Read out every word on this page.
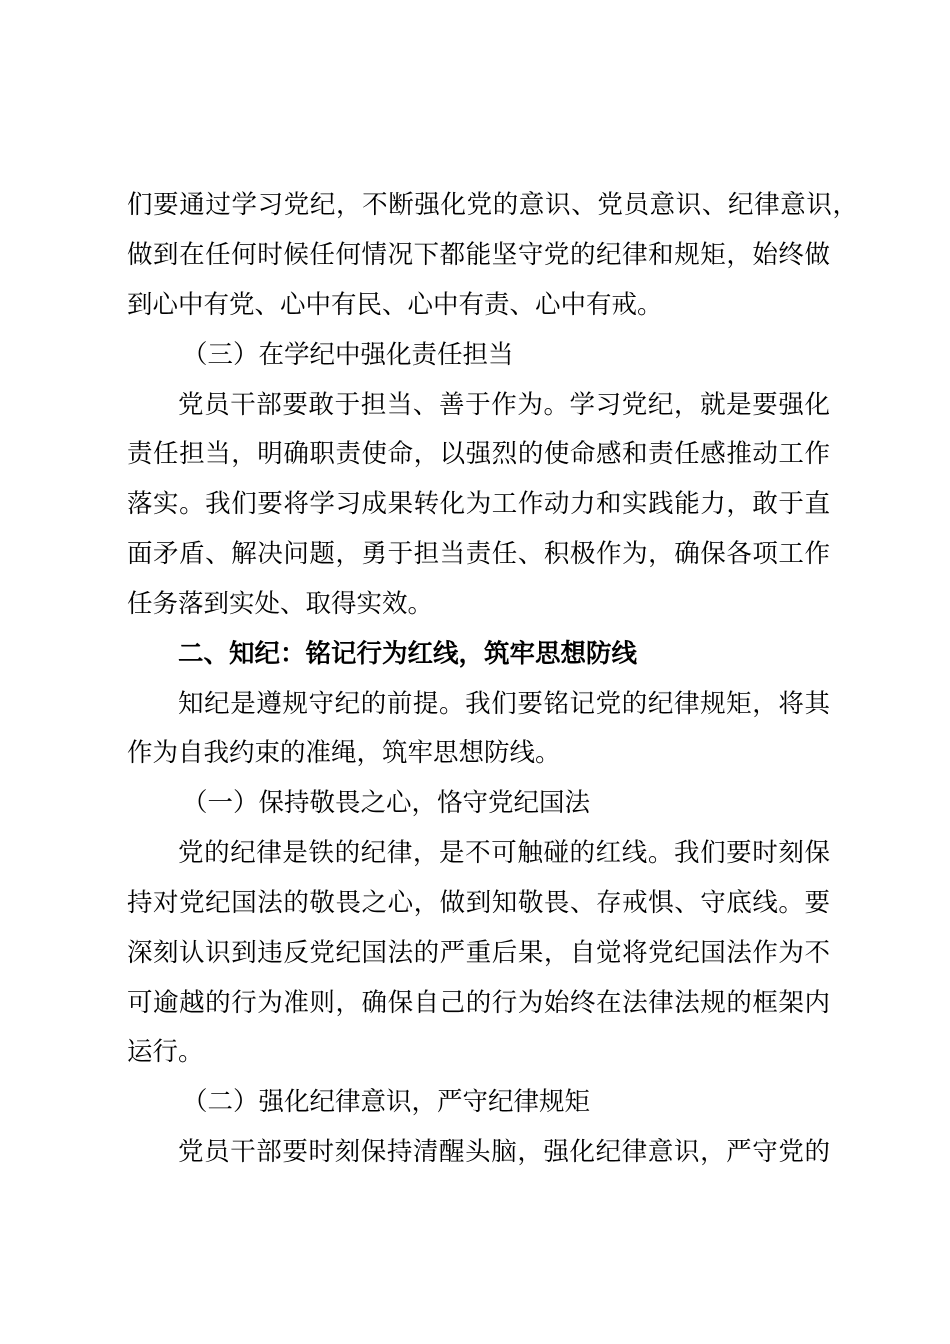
们要通过学习党纪，不断强化党的意识、党员意识、纪律意识，
做到在任何时候任何情况下都能坚守党的纪律和规矩，始终做
到心中有党、心中有民、心中有责、心中有戒。
（三）在学纪中强化责任担当
党员干部要敢于担当、善于作为。学习党纪，就是要强化
责任担当，明确职责使命，以强烈的使命感和责任感推动工作
落实。我们要将学习成果转化为工作动力和实践能力，敢于直
面矛盾、解决问题，勇于担当责任、积极作为，确保各项工作
任务落到实处、取得实效。
二、知纪：铭记行为红线，筑牢思想防线
知纪是遵规守纪的前提。我们要铭记党的纪律规矩，将其
作为自我约束的准绳，筑牢思想防线。
（一）保持敬畏之心，恪守党纪国法
党的纪律是铁的纪律，是不可触碰的红线。我们要时刻保
持对党纪国法的敬畏之心，做到知敬畏、存戒惧、守底线。要
深刻认识到违反党纪国法的严重后果，自觉将党纪国法作为不
可逾越的行为准则，确保自己的行为始终在法律法规的框架内
运行。
（二）强化纪律意识，严守纪律规矩
党员干部要时刻保持清醒头脑，强化纪律意识，严守党的
